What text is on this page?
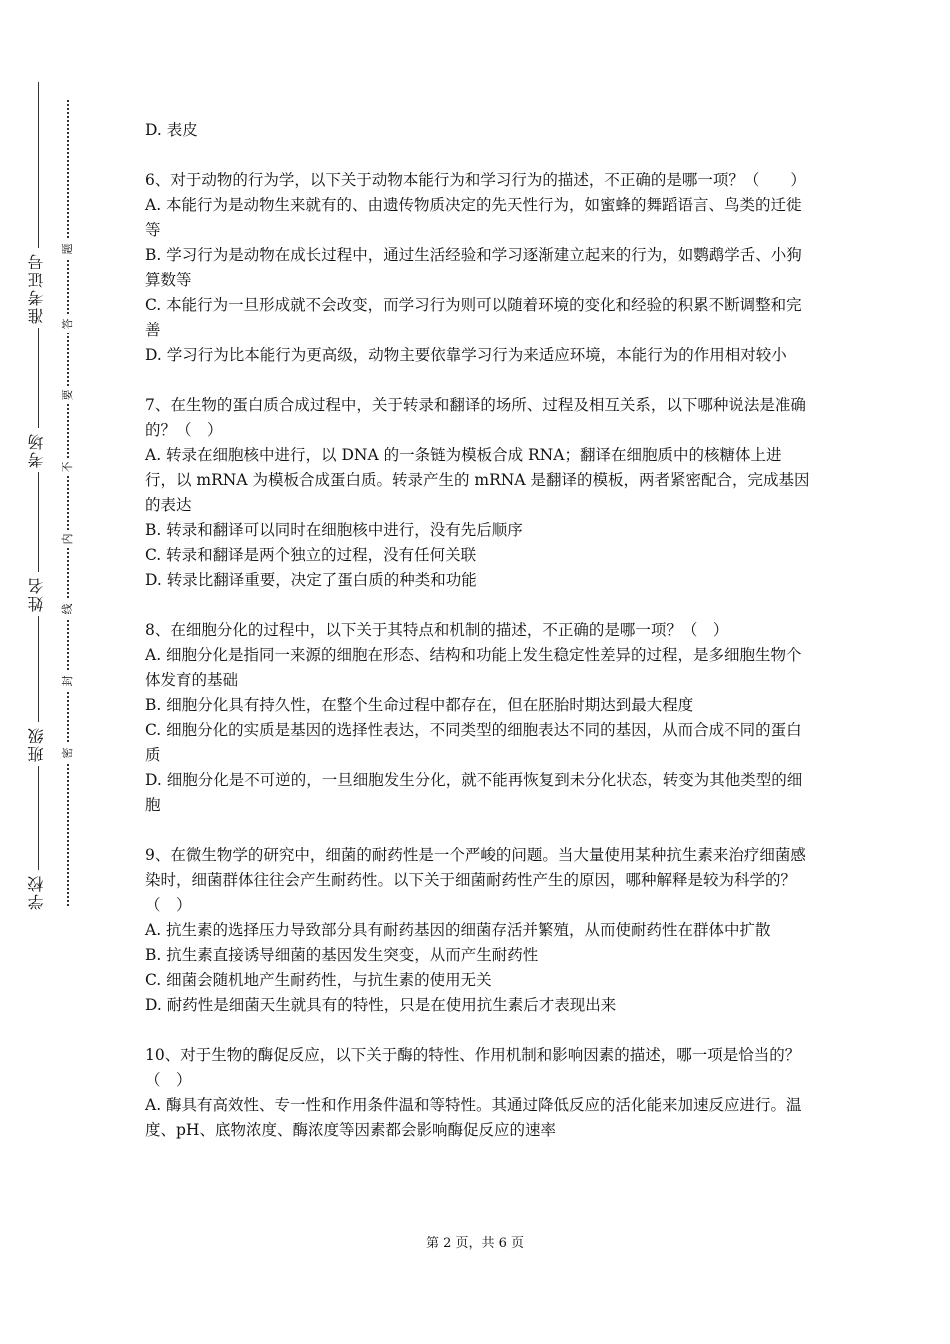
准考证号
考场
姓名
班级
学校
题
答
要
不
内
线
封
密

D. 表皮

6、对于动物的行为学，以下关于动物本能行为和学习行为的描述，不正确的是哪一项？（　　）

A. 本能行为是动物生来就有的、由遗传物质决定的先天性行为，如蜜蜂的舞蹈语言、鸟类的迁徙等

B. 学习行为是动物在成长过程中，通过生活经验和学习逐渐建立起来的行为，如鹦鹉学舌、小狗算数等

C. 本能行为一旦形成就不会改变，而学习行为则可以随着环境的变化和经验的积累不断调整和完善

D. 学习行为比本能行为更高级，动物主要依靠学习行为来适应环境，本能行为的作用相对较小

7、在生物的蛋白质合成过程中，关于转录和翻译的场所、过程及相互关系，以下哪种说法是准确的？（　）

A. 转录在细胞核中进行，以 DNA 的一条链为模板合成 RNA；翻译在细胞质中的核糖体上进行，以 mRNA 为模板合成蛋白质。转录产生的 mRNA 是翻译的模板，两者紧密配合，完成基因的表达

B. 转录和翻译可以同时在细胞核中进行，没有先后顺序

C. 转录和翻译是两个独立的过程，没有任何关联

D. 转录比翻译重要，决定了蛋白质的种类和功能

8、在细胞分化的过程中，以下关于其特点和机制的描述，不正确的是哪一项？（　）

A. 细胞分化是指同一来源的细胞在形态、结构和功能上发生稳定性差异的过程，是多细胞生物个体发育的基础

B. 细胞分化具有持久性，在整个生命过程中都存在，但在胚胎时期达到最大程度

C. 细胞分化的实质是基因的选择性表达，不同类型的细胞表达不同的基因，从而合成不同的蛋白质

D. 细胞分化是不可逆的，一旦细胞发生分化，就不能再恢复到未分化状态，转变为其他类型的细胞

9、在微生物学的研究中，细菌的耐药性是一个严峻的问题。当大量使用某种抗生素来治疗细菌感染时，细菌群体往往会产生耐药性。以下关于细菌耐药性产生的原因，哪种解释是较为科学的？（　）

A. 抗生素的选择压力导致部分具有耐药基因的细菌存活并繁殖，从而使耐药性在群体中扩散

B. 抗生素直接诱导细菌的基因发生突变，从而产生耐药性

C. 细菌会随机地产生耐药性，与抗生素的使用无关

D. 耐药性是细菌天生就具有的特性，只是在使用抗生素后才表现出来

10、对于生物的酶促反应，以下关于酶的特性、作用机制和影响因素的描述，哪一项是恰当的？（　）

A. 酶具有高效性、专一性和作用条件温和等特性。其通过降低反应的活化能来加速反应进行。温度、pH、底物浓度、酶浓度等因素都会影响酶促反应的速率

第 2 页，共 6 页
